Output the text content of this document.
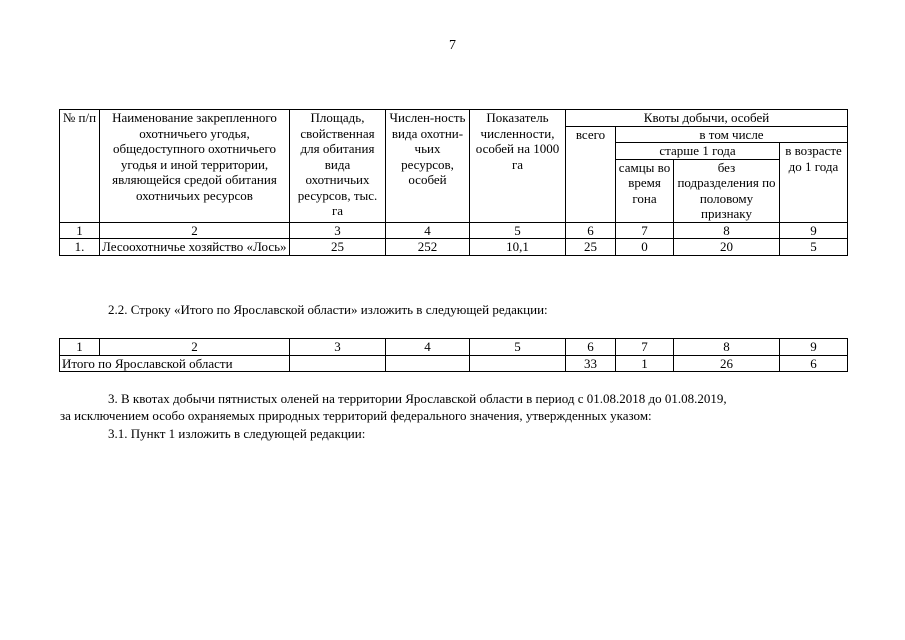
7
№ п/п	Наименование закрепленного охотничьего угодья, общедоступного охотничьего угодья и иной территории, являющейся средой обитания охотничьих ресурсов	Площадь, свойственная для обитания вида охотничьих ресурсов, тыс. га	Числен-ность вида охотни-чьих ресурсов, особей	Показатель численности, особей на 1000 га	Квоты добычи, особей			
					всего	в том числе		
						старше 1 года		в возрасте до 1 года
						самцы во время гона	без подразделения по половому признаку	
1	2	3	4	5	6	7	8	9
1.	Лесоохотничье хозяйство «Лось»	25	252	10,1	25	0	20	5
2.2. Строку «Итого по Ярославской области» изложить в следующей редакции:
1	2	3	4	5	6	7	8	9
Итого по Ярославской области					33	1	26	6
3. В квотах добычи пятнистых оленей на территории Ярославской области в период с 01.08.2018 до 01.08.2019,
за исключением особо охраняемых природных территорий федерального значения, утвержденных указом:
3.1. Пункт 1 изложить в следующей редакции:
